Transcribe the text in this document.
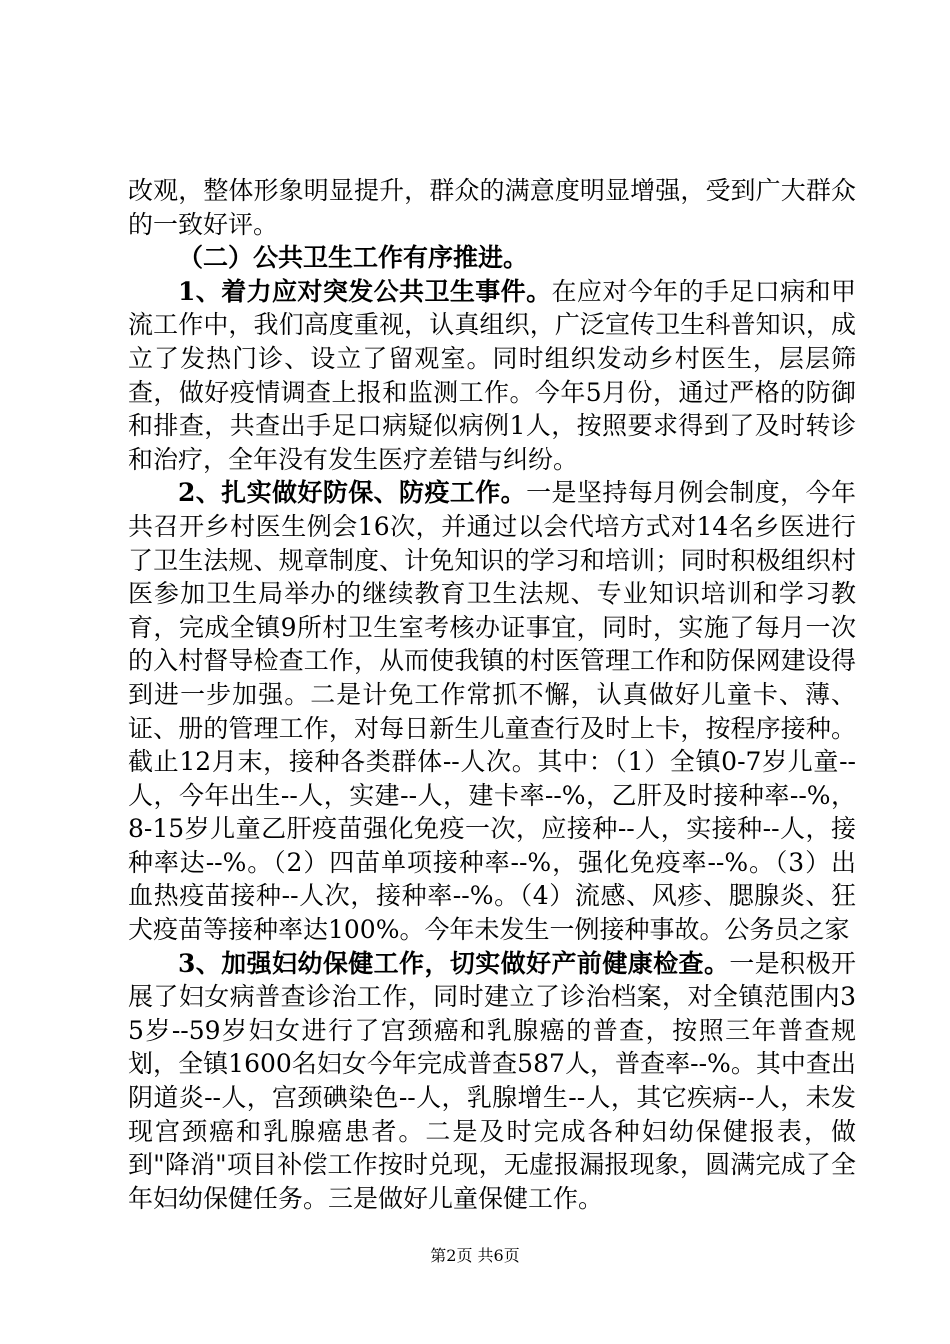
改观，整体形象明显提升，群众的满意度明显增强，受到广大群众的一致好评。

（二）公共卫生工作有序推进。

1、着力应对突发公共卫生事件。在应对今年的手足口病和甲流工作中，我们高度重视，认真组织，广泛宣传卫生科普知识，成立了发热门诊、设立了留观室。同时组织发动乡村医生，层层筛查，做好疫情调查上报和监测工作。今年5月份，通过严格的防御和排查，共查出手足口病疑似病例1人，按照要求得到了及时转诊和治疗，全年没有发生医疗差错与纠纷。

2、扎实做好防保、防疫工作。一是坚持每月例会制度，今年共召开乡村医生例会16次，并通过以会代培方式对14名乡医进行了卫生法规、规章制度、计免知识的学习和培训；同时积极组织村医参加卫生局举办的继续教育卫生法规、专业知识培训和学习教育，完成全镇9所村卫生室考核办证事宜，同时，实施了每月一次的入村督导检查工作，从而使我镇的村医管理工作和防保网建设得到进一步加强。二是计免工作常抓不懈，认真做好儿童卡、薄、证、册的管理工作，对每日新生儿童查行及时上卡，按程序接种。截止12月末，接种各类群体--人次。其中：（1）全镇0-7岁儿童--人，今年出生--人，实建--人，建卡率--%，乙肝及时接种率--%，8-15岁儿童乙肝疫苗强化免疫一次，应接种--人，实接种--人，接种率达--%。（2）四苗单项接种率--%，强化免疫率--%。（3）出血热疫苗接种--人次，接种率--%。（4）流感、风疹、腮腺炎、狂犬疫苗等接种率达100%。今年未发生一例接种事故。公务员之家

3、加强妇幼保健工作，切实做好产前健康检查。一是积极开展了妇女病普查诊治工作，同时建立了诊治档案，对全镇范围内35岁--59岁妇女进行了宫颈癌和乳腺癌的普查，按照三年普查规划，全镇1600名妇女今年完成普查587人，普查率--%。其中查出阴道炎--人，宫颈碘染色--人，乳腺增生--人，其它疾病--人，未发现宫颈癌和乳腺癌患者。二是及时完成各种妇幼保健报表，做到"降消"项目补偿工作按时兑现，无虚报漏报现象，圆满完成了全年妇幼保健任务。三是做好儿童保健工作。

第2页 共6页
